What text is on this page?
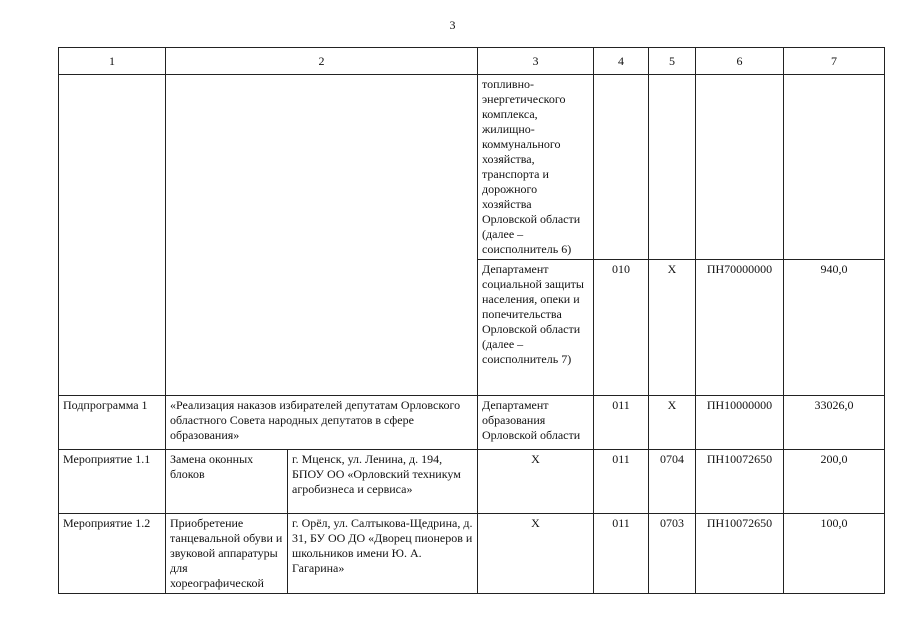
3
1	2		3	4	5	6	7
			топливно-энергетического комплекса, жилищно-коммунального хозяйства, транспорта и дорожного хозяйства Орловской области (далее – соисполнитель 6)				
			Департамент социальной защиты населения, опеки и попечительства Орловской области (далее – соисполнитель 7)	010	Х	ПН70000000	940,0
Подпрограмма 1	«Реализация наказов избирателей депутатам Орловского областного Совета народных депутатов в сфере образования»		Департамент образования Орловской области	011	Х	ПН10000000	33026,0
Мероприятие 1.1	Замена оконных блоков	г. Мценск, ул. Ленина, д. 194, БПОУ ОО «Орловский техникум агробизнеса и сервиса»	Х	011	0704	ПН10072650	200,0
Мероприятие 1.2	Приобретение танцевальной обуви и звуковой аппаратуры для хореографической	г. Орёл, ул. Салтыкова-Щедрина, д. 31, БУ ОО ДО «Дворец пионеров и школьников имени Ю. А. Гагарина»	Х	011	0703	ПН10072650	100,0
